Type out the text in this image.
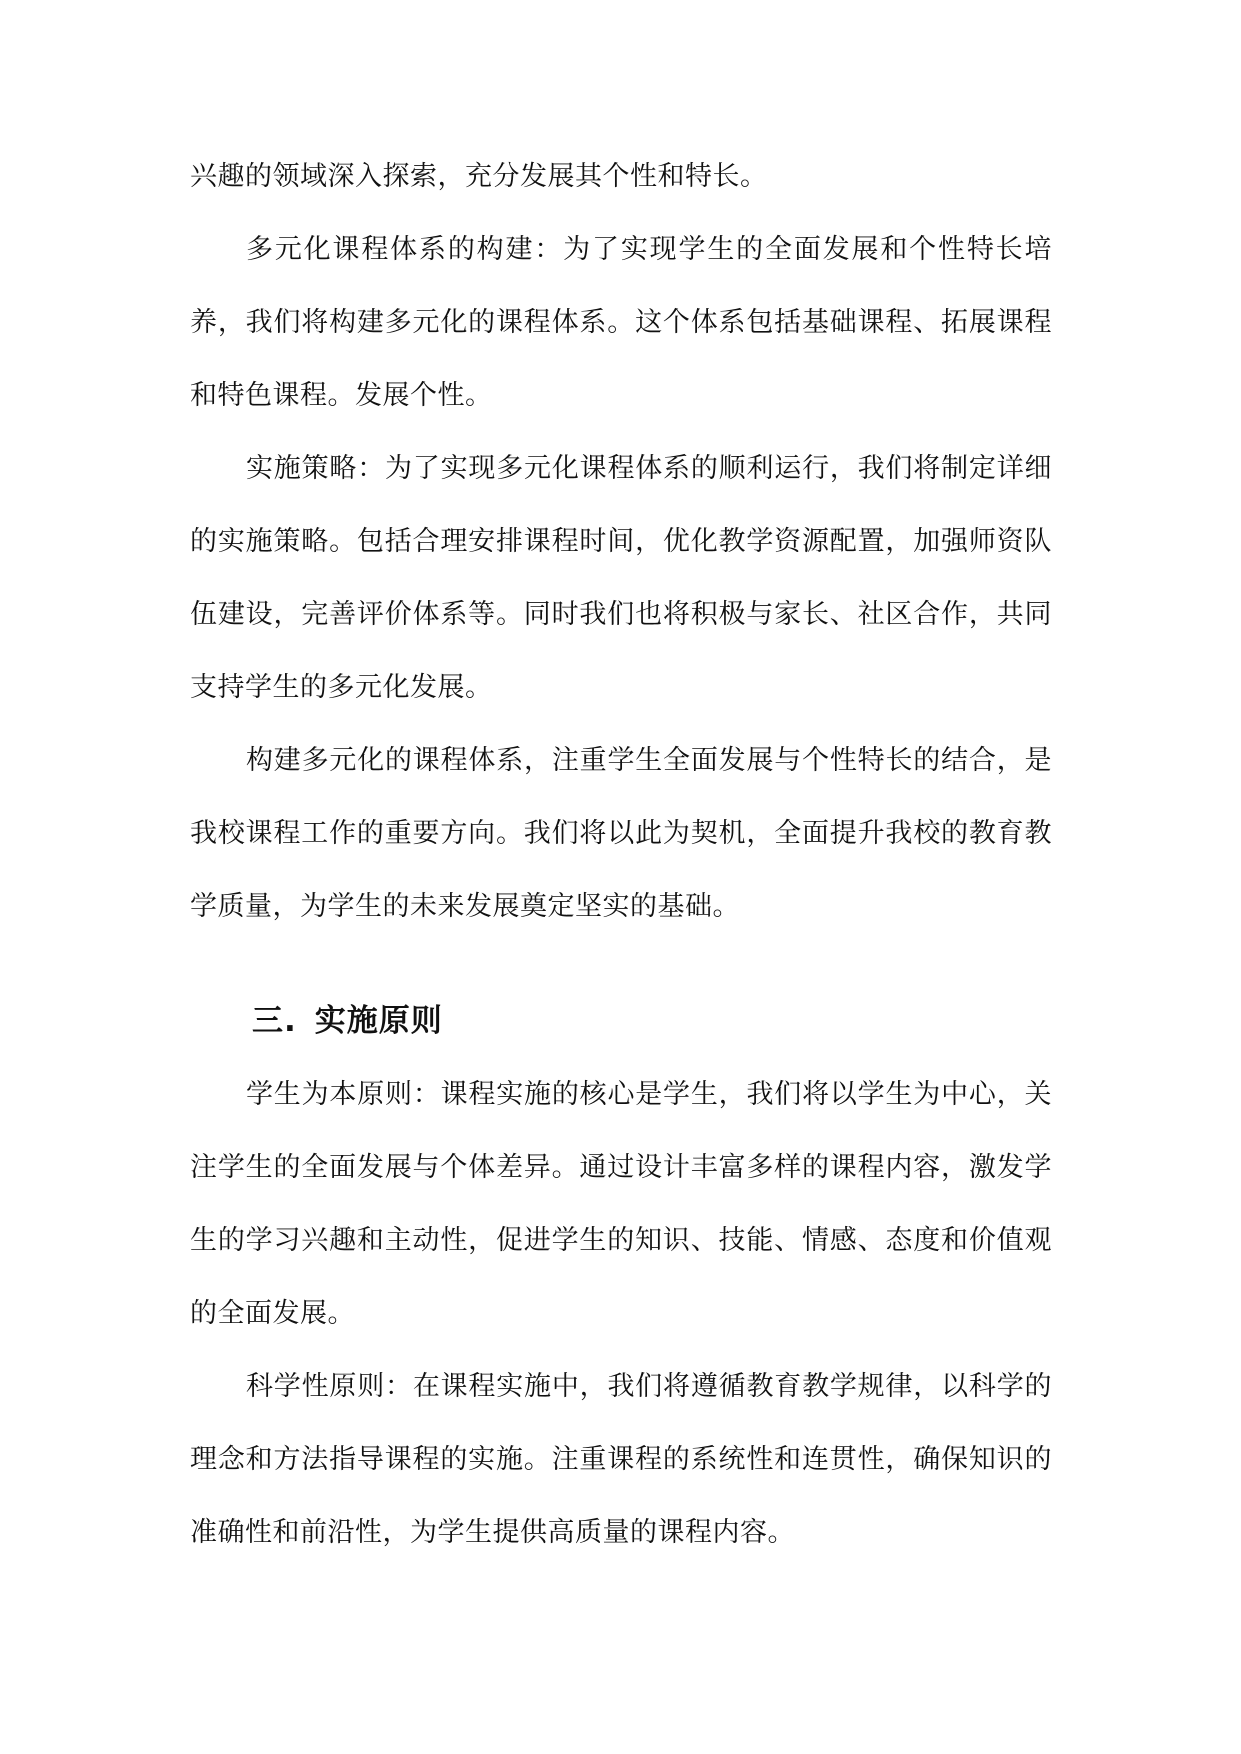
兴趣的领域深入探索，充分发展其个性和特长。

多元化课程体系的构建：为了实现学生的全面发展和个性特长培养，我们将构建多元化的课程体系。这个体系包括基础课程、拓展课程和特色课程。发展个性。

实施策略：为了实现多元化课程体系的顺利运行，我们将制定详细的实施策略。包括合理安排课程时间，优化教学资源配置，加强师资队伍建设，完善评价体系等。同时我们也将积极与家长、社区合作，共同支持学生的多元化发展。

构建多元化的课程体系，注重学生全面发展与个性特长的结合，是我校课程工作的重要方向。我们将以此为契机，全面提升我校的教育教学质量，为学生的未来发展奠定坚实的基础。

三. 实施原则

学生为本原则：课程实施的核心是学生，我们将以学生为中心，关注学生的全面发展与个体差异。通过设计丰富多样的课程内容，激发学生的学习兴趣和主动性，促进学生的知识、技能、情感、态度和价值观的全面发展。

科学性原则：在课程实施中，我们将遵循教育教学规律，以科学的理念和方法指导课程的实施。注重课程的系统性和连贯性，确保知识的准确性和前沿性，为学生提供高质量的课程内容。
